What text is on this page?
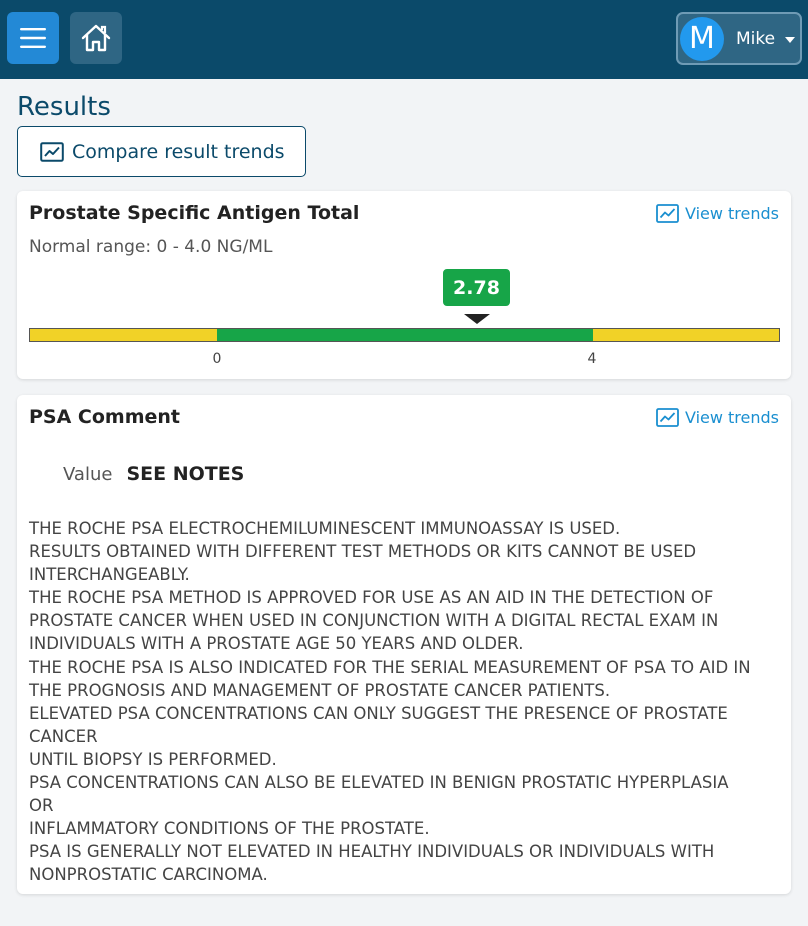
M	Mike
Results
Compare result trends
Prostate Specific Antigen Total	View trends
Normal range: 0 - 4.0 NG/ML
2.78
0	4
PSA Comment	View trends
Value SEE NOTES
THE ROCHE PSA ELECTROCHEMILUMINESCENT IMMUNOASSAY IS USED.
RESULTS OBTAINED WITH DIFFERENT TEST METHODS OR KITS CANNOT BE USED
INTERCHANGEABLY.
THE ROCHE PSA METHOD IS APPROVED FOR USE AS AN AID IN THE DETECTION OF
PROSTATE CANCER WHEN USED IN CONJUNCTION WITH A DIGITAL RECTAL EXAM IN
INDIVIDUALS WITH A PROSTATE AGE 50 YEARS AND OLDER.
THE ROCHE PSA IS ALSO INDICATED FOR THE SERIAL MEASUREMENT OF PSA TO AID IN
THE PROGNOSIS AND MANAGEMENT OF PROSTATE CANCER PATIENTS.
ELEVATED PSA CONCENTRATIONS CAN ONLY SUGGEST THE PRESENCE OF PROSTATE
CANCER
UNTIL BIOPSY IS PERFORMED.
PSA CONCENTRATIONS CAN ALSO BE ELEVATED IN BENIGN PROSTATIC HYPERPLASIA
OR
INFLAMMATORY CONDITIONS OF THE PROSTATE.
PSA IS GENERALLY NOT ELEVATED IN HEALTHY INDIVIDUALS OR INDIVIDUALS WITH
NONPROSTATIC CARCINOMA.
